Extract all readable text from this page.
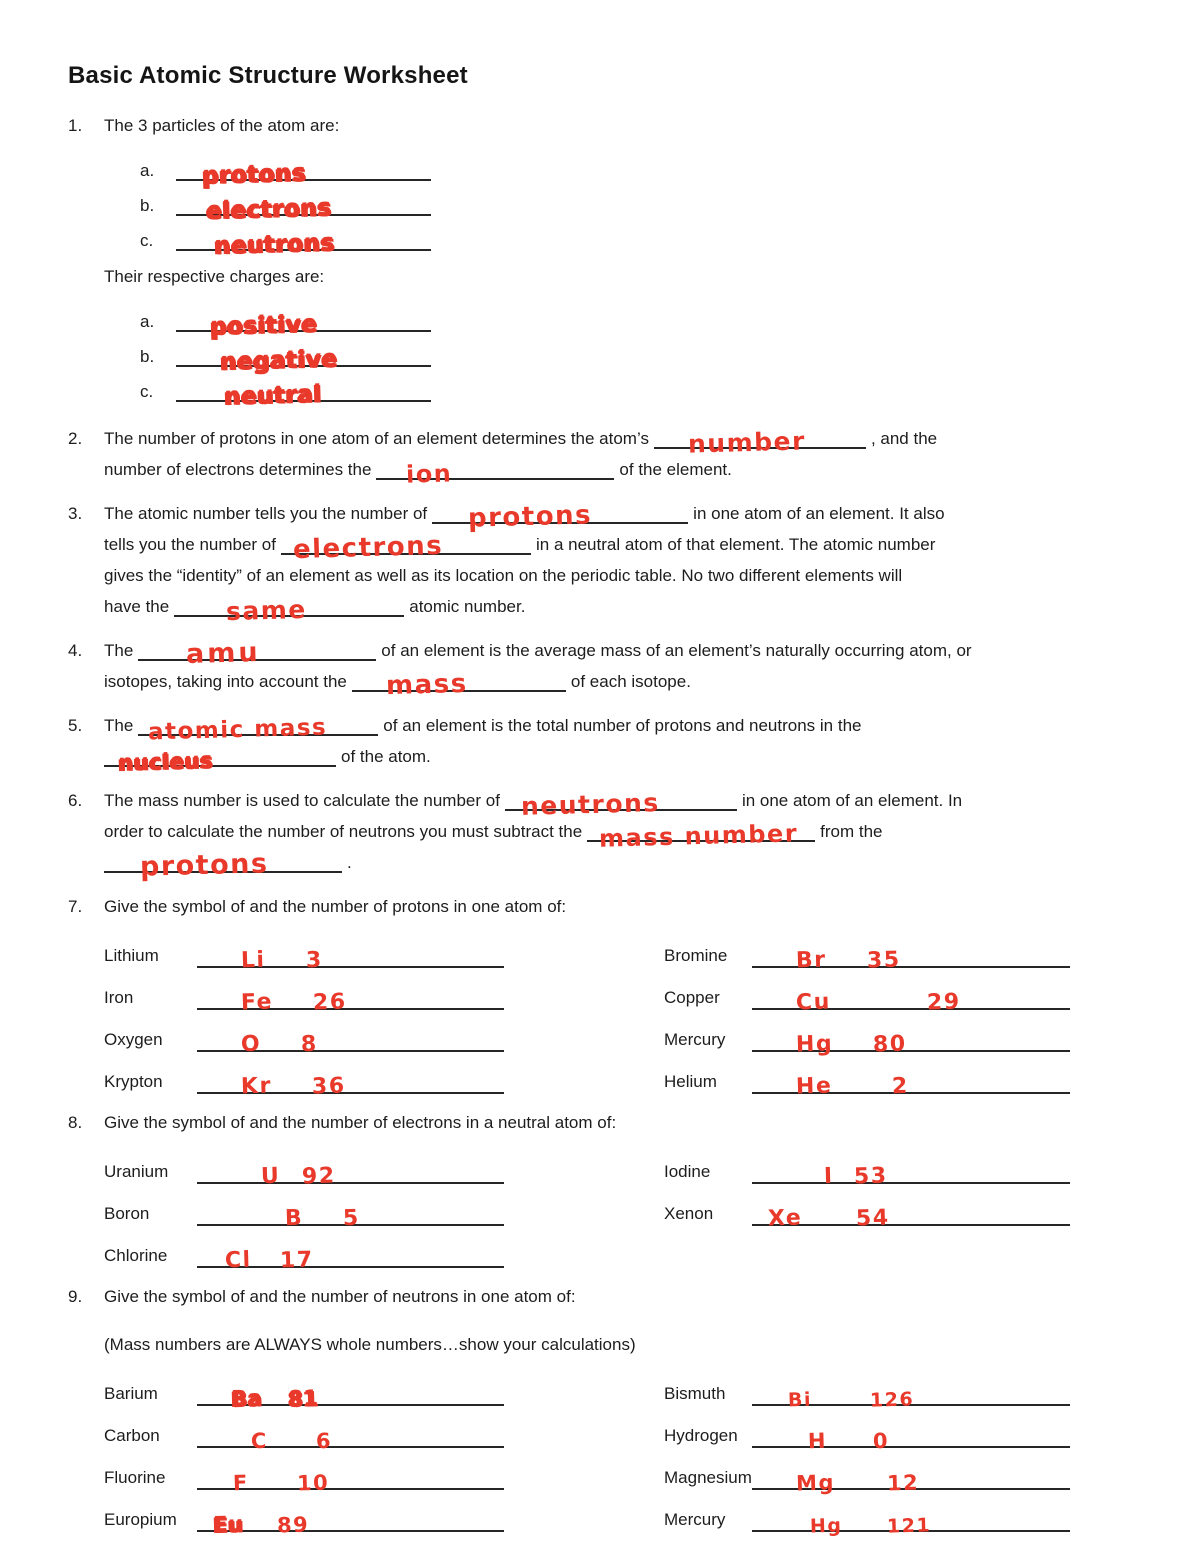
Basic Atomic Structure Worksheet
1.	The 3 particles of the atom are:
a. protons
b. electrons
c.	neutrons
Their respective charges are:
a. positive
b.	negative
c.	neutral
2.	The number of protons in one atom of an element determines the atom’s number	, and the
number of electrons determines the ion	of the element.
3.	The atomic number tells you the number of protons	in one atom of an element. It also
tells you the number of electrons	in a neutral atom of that element. The atomic number
gives the “identity” of an element as well as its location on the periodic table. No two different elements will
have the same	atomic number.
4.	The amu	of an element is the average mass of an element’s naturally occurring atom, or
isotopes, taking into account the mass	of each isotope.
5.	The atomic mass	of an element is the total number of protons and neutrons in the
nucleus	of the atom.
6.	The mass number is used to calculate the number of neutrons	in one atom of an element. In
order to calculate the number of neutrons you must subtract the mass number from the
protons	.
7.	Give the symbol of and the number of protons in one atom of:
Lithium	Li 3
Iron	Fe 26
Oxygen	O 8
Krypton	Kr 36
Bromine	Br 35
Copper	Cu	29
Mercury	Hg 80
Helium	He	2
8.	Give the symbol of and the number of electrons in a neutral atom of:
Uranium	U 92
Boron	B 5
Chlorine	Cl 17
Iodine	I 53
Xenon	Xe 54
9.	Give the symbol of and the number of neutrons in one atom of:
(Mass numbers are ALWAYS whole numbers…show your calculations)
Barium	Ba 81
Carbon	C 6
Fluorine	F 10
Europium	Eu 89
Bismuth	Bi	126
Hydrogen	H 0
Magnesium Mg 12
Mercury	Hg 121
